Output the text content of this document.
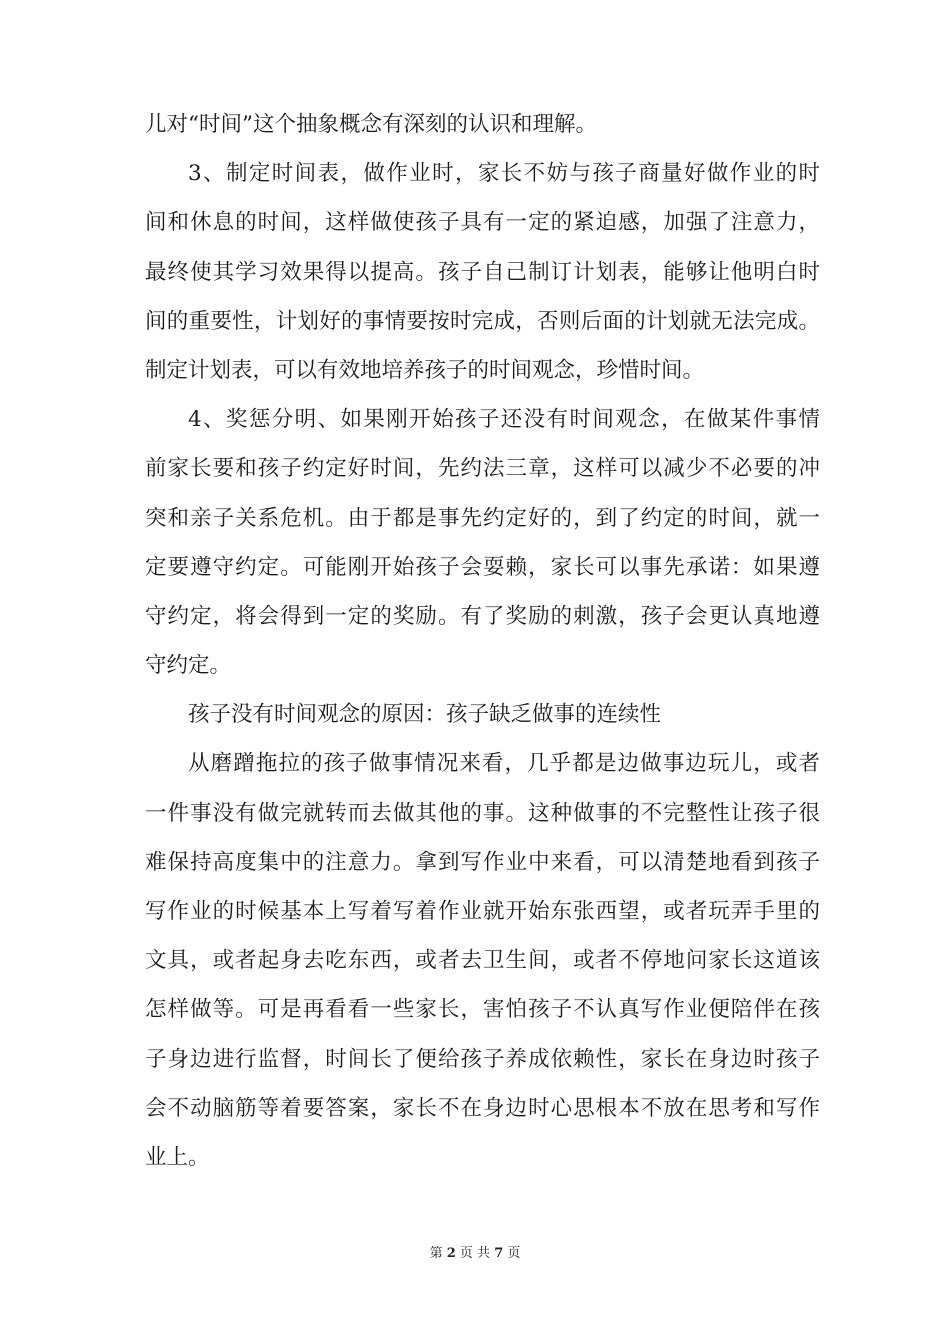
儿对“时间”这个抽象概念有深刻的认识和理解。
3、制定时间表，做作业时，家长不妨与孩子商量好做作业的时
间和休息的时间，这样做使孩子具有一定的紧迫感，加强了注意力，
最终使其学习效果得以提高。孩子自己制订计划表，能够让他明白时
间的重要性，计划好的事情要按时完成，否则后面的计划就无法完成。
制定计划表，可以有效地培养孩子的时间观念，珍惜时间。
4、奖惩分明、如果刚开始孩子还没有时间观念，在做某件事情
前家长要和孩子约定好时间，先约法三章，这样可以减少不必要的冲
突和亲子关系危机。由于都是事先约定好的，到了约定的时间，就一
定要遵守约定。可能刚开始孩子会耍赖，家长可以事先承诺：如果遵
守约定，将会得到一定的奖励。有了奖励的刺激，孩子会更认真地遵
守约定。
孩子没有时间观念的原因：孩子缺乏做事的连续性
从磨蹭拖拉的孩子做事情况来看，几乎都是边做事边玩儿，或者
一件事没有做完就转而去做其他的事。这种做事的不完整性让孩子很
难保持高度集中的注意力。拿到写作业中来看，可以清楚地看到孩子
写作业的时候基本上写着写着作业就开始东张西望，或者玩弄手里的
文具，或者起身去吃东西，或者去卫生间，或者不停地问家长这道该
怎样做等。可是再看看一些家长，害怕孩子不认真写作业便陪伴在孩
子身边进行监督，时间长了便给孩子养成依赖性，家长在身边时孩子
会不动脑筋等着要答案，家长不在身边时心思根本不放在思考和写作
业上。
第 2 页 共 7 页
